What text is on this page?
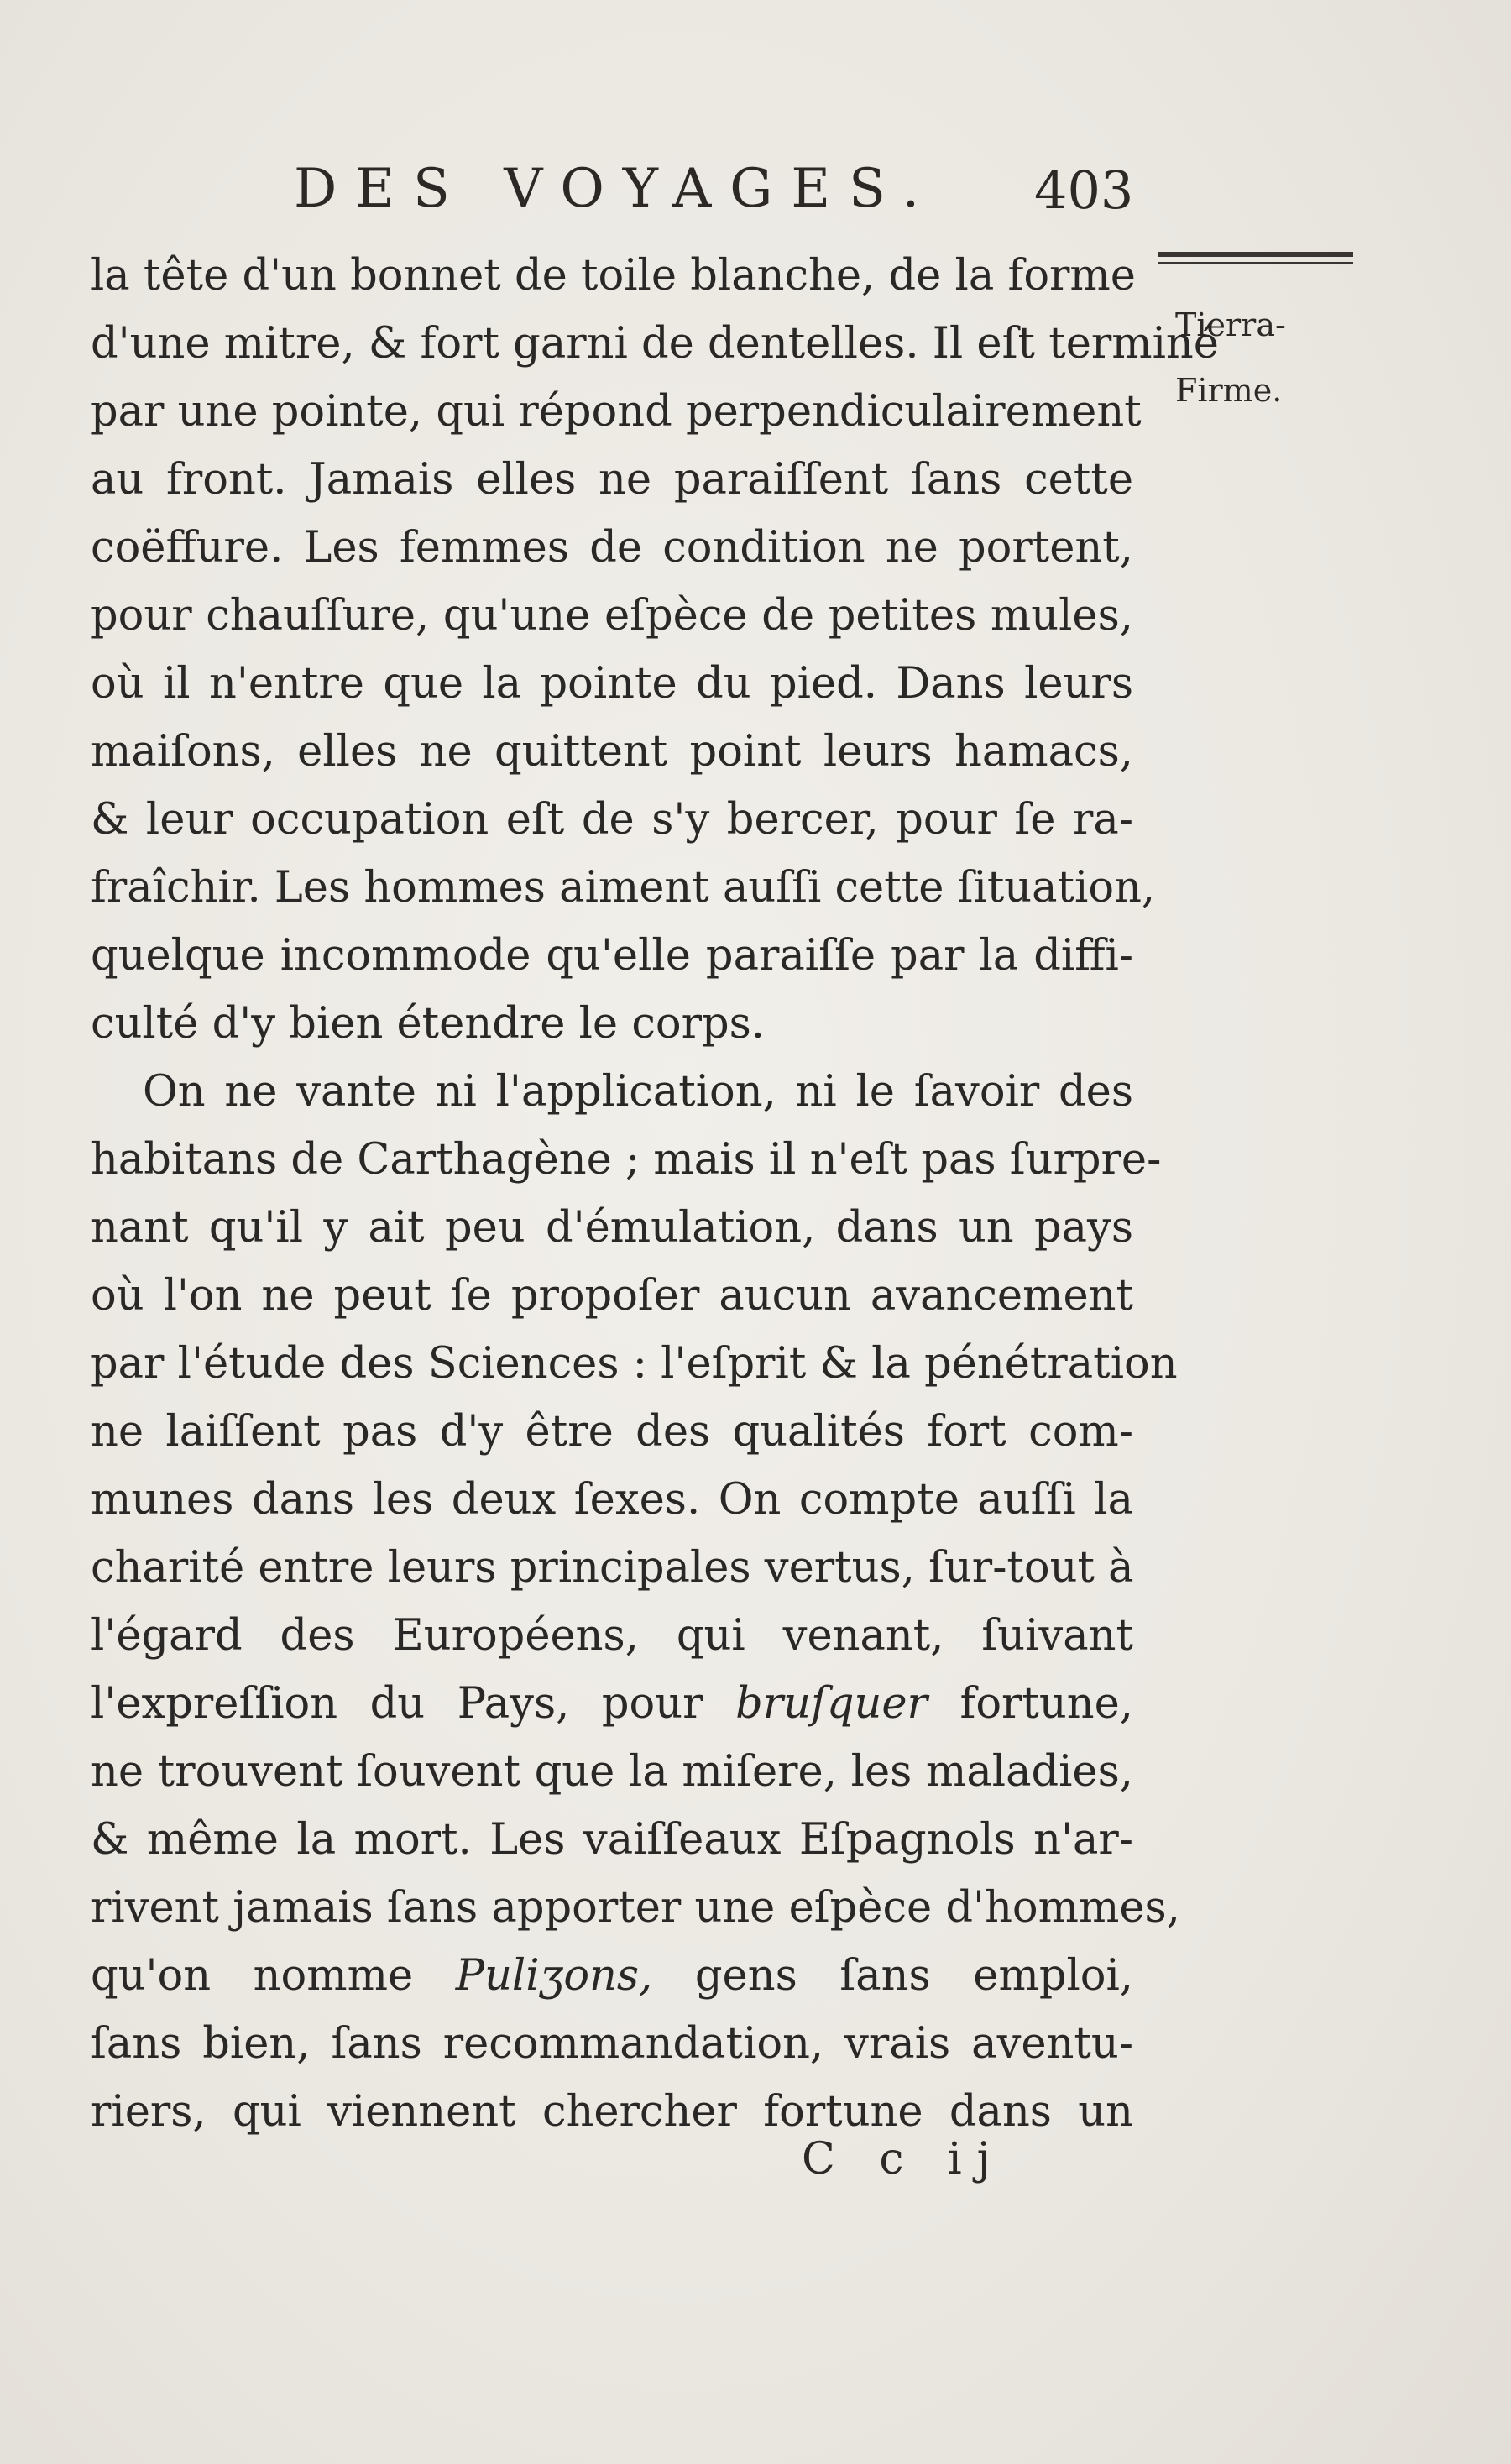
DES VOYAGES. 403
Tierra-
Firme.
la tête d'un bonnet de toile blanche, de la forme
d'une mitre, & fort garni de dentelles. Il eſt terminé
par une pointe, qui répond perpendiculairement
au front. Jamais elles ne paraiſſent ſans cette
coëffure. Les femmes de condition ne portent,
pour chauſſure, qu'une eſpèce de petites mules,
où il n'entre que la pointe du pied. Dans leurs
maiſons, elles ne quittent point leurs hamacs,
& leur occupation eſt de s'y bercer, pour ſe ra-
fraîchir. Les hommes aiment auſſi cette ſituation,
quelque incommode qu'elle paraiſſe par la diffi-
culté d'y bien étendre le corps.
On ne vante ni l'application, ni le ſavoir des
habitans de Carthagène ; mais il n'eſt pas ſurpre-
nant qu'il y ait peu d'émulation, dans un pays
où l'on ne peut ſe propoſer aucun avancement
par l'étude des Sciences : l'eſprit & la pénétration
ne laiſſent pas d'y être des qualités fort com-
munes dans les deux ſexes. On compte auſſi la
charité entre leurs principales vertus, ſur-tout à
l'égard des Européens, qui venant, ſuivant
l'expreſſion du Pays, pour bruſquer fortune,
ne trouvent ſouvent que la miſere, les maladies,
& même la mort. Les vaiſſeaux Eſpagnols n'ar-
rivent jamais ſans apporter une eſpèce d'hommes,
qu'on nomme Puliʒons, gens ſans emploi,
ſans bien, ſans recommandation, vrais aventu-
riers, qui viennent chercher fortune dans un
C c ij
